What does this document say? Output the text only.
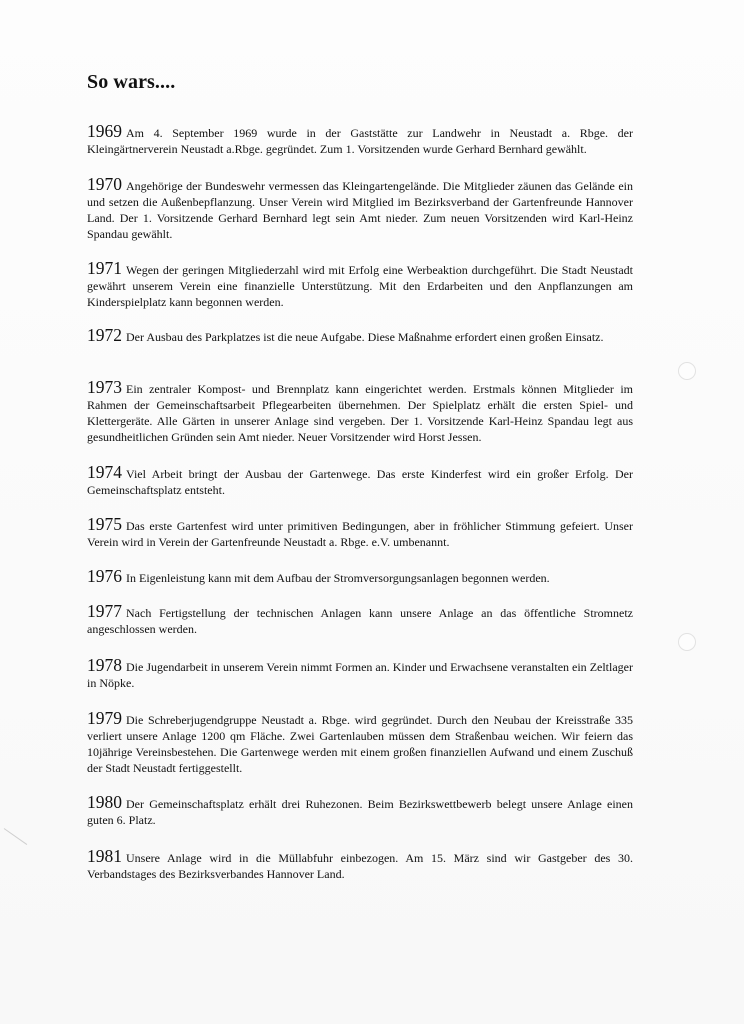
So wars....

1969 Am 4. September 1969 wurde in der Gaststätte zur Landwehr in Neustadt a. Rbge. der Kleingärtnerverein Neustadt a.Rbge. gegründet. Zum 1. Vorsitzenden wurde Gerhard Bernhard gewählt.

1970 Angehörige der Bundeswehr vermessen das Kleingartengelände. Die Mitglieder zäunen das Gelände ein und setzen die Außenbepflanzung. Unser Verein wird Mitglied im Bezirksverband der Gartenfreunde Hannover Land. Der 1. Vorsitzende Gerhard Bernhard legt sein Amt nieder. Zum neuen Vorsitzenden wird Karl-Heinz Spandau gewählt.

1971 Wegen der geringen Mitgliederzahl wird mit Erfolg eine Werbeaktion durchgeführt. Die Stadt Neustadt gewährt unserem Verein eine finanzielle Unterstützung. Mit den Erdarbeiten und den Anpflanzungen am Kinderspielplatz kann begonnen werden.

1972 Der Ausbau des Parkplatzes ist die neue Aufgabe. Diese Maßnahme erfordert einen großen Einsatz.

1973 Ein zentraler Kompost- und Brennplatz kann eingerichtet werden. Erstmals können Mitglieder im Rahmen der Gemeinschaftsarbeit Pflegearbeiten übernehmen. Der Spielplatz erhält die ersten Spiel- und Klettergeräte. Alle Gärten in unserer Anlage sind vergeben. Der 1. Vorsitzende Karl-Heinz Spandau legt aus gesundheitlichen Gründen sein Amt nieder. Neuer Vorsitzender wird Horst Jessen.

1974 Viel Arbeit bringt der Ausbau der Gartenwege. Das erste Kinderfest wird ein großer Erfolg. Der Gemeinschaftsplatz entsteht.

1975 Das erste Gartenfest wird unter primitiven Bedingungen, aber in fröhlicher Stimmung gefeiert. Unser Verein wird in Verein der Gartenfreunde Neustadt a. Rbge. e.V. umbenannt.

1976 In Eigenleistung kann mit dem Aufbau der Stromversorgungsanlagen begonnen werden.

1977 Nach Fertigstellung der technischen Anlagen kann unsere Anlage an das öffentliche Stromnetz angeschlossen werden.

1978 Die Jugendarbeit in unserem Verein nimmt Formen an. Kinder und Erwachsene veranstalten ein Zeltlager in Nöpke.

1979 Die Schreberjugendgruppe Neustadt a. Rbge. wird gegründet. Durch den Neubau der Kreisstraße 335 verliert unsere Anlage 1200 qm Fläche. Zwei Gartenlauben müssen dem Straßenbau weichen. Wir feiern das 10jährige Vereinsbestehen. Die Gartenwege werden mit einem großen finanziellen Aufwand und einem Zuschuß der Stadt Neustadt fertiggestellt.

1980 Der Gemeinschaftsplatz erhält drei Ruhezonen. Beim Bezirkswettbewerb belegt unsere Anlage einen guten 6. Platz.

1981 Unsere Anlage wird in die Müllabfuhr einbezogen. Am 15. März sind wir Gastgeber des 30. Verbandstages des Bezirksverbandes Hannover Land.
